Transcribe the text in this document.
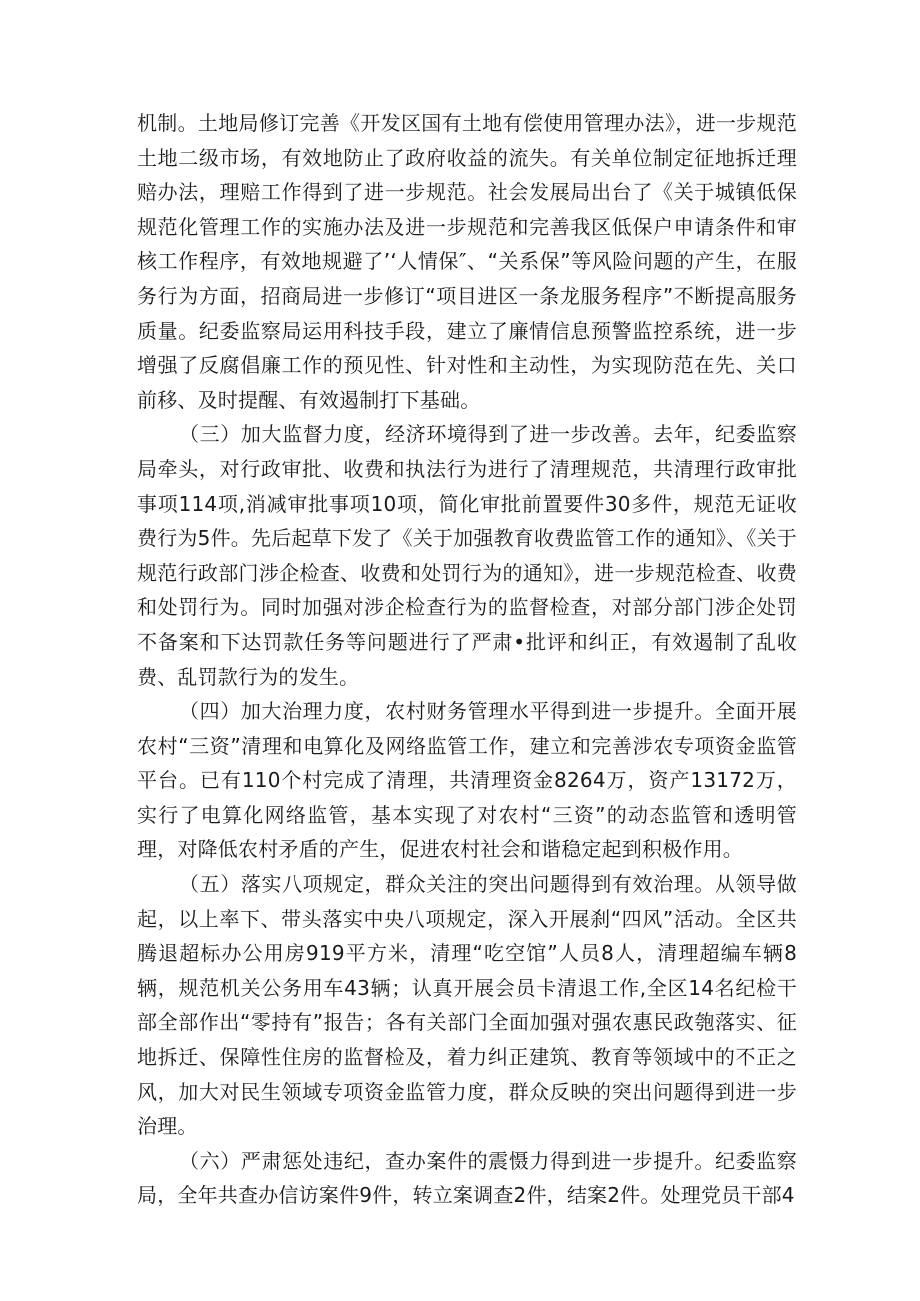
机制。土地局修订完善《开发区国有土地有偿使用管理办法》，进一步规范土地二级市场，有效地防止了政府收益的流失。有关单位制定征地拆迁理赔办法，理赔工作得到了进一步规范。社会发展局出台了《关于城镇低保规范化管理工作的实施办法及进一步规范和完善我区低保户申请条件和审核工作程序，有效地规避了’‘人情保″、“关系保”等风险问题的产生，在服务行为方面，招商局进一步修订“项目进区一条龙服务程序”不断提高服务质量。纪委监察局运用科技手段，建立了廉情信息预警监控系统，进一步增强了反腐倡廉工作的预见性、针对性和主动性，为实现防范在先、关口前移、及时提醒、有效遏制打下基础。

（三）加大监督力度，经济环境得到了进一步改善。去年，纪委监察局牵头，对行政审批、收费和执法行为进行了清理规范，共清理行政审批事项114项,消减审批事项10项，简化审批前置要件30多件，规范无证收费行为5件。先后起草下发了《关于加强教育收费监管工作的通知》、《关于规范行政部门涉企检查、收费和处罚行为的通知》，进一步规范检查、收费和处罚行为。同时加强对涉企检查行为的监督检查，对部分部门涉企处罚不备案和下达罚款任务等问题进行了严肃•批评和纠正，有效遏制了乱收费、乱罚款行为的发生。

（四）加大治理力度，农村财务管理水平得到进一步提升。全面开展农村“三资”清理和电算化及网络监管工作，建立和完善涉农专项资金监管平台。已有110个村完成了清理，共清理资金8264万，资产13172万，实行了电算化网络监管，基本实现了对农村“三资”的动态监管和透明管理，对降低农村矛盾的产生，促进农村社会和谐稳定起到积极作用。

（五）落实八项规定，群众关注的突出问题得到有效治理。从领导做起，以上率下、带头落实中央八项规定，深入开展刹“四风”活动。全区共腾退超标办公用房919平方米，清理“吃空馆”人员8人，清理超编车辆8辆，规范机关公务用车43辆；认真开展会员卡清退工作,全区14名纪检干部全部作出“零持有”报告；各有关部门全面加强对强农惠民政匏落实、征地拆迁、保障性住房的监督检及，着力纠正建筑、教育等领域中的不正之风，加大对民生领域专项资金监管力度，群众反映的突出问题得到进一步治理。

（六）严肃惩处违纪，查办案件的震慑力得到进一步提升。纪委监察局，全年共查办信访案件9件，转立案调查2件，结案2件。处理党员干部4
